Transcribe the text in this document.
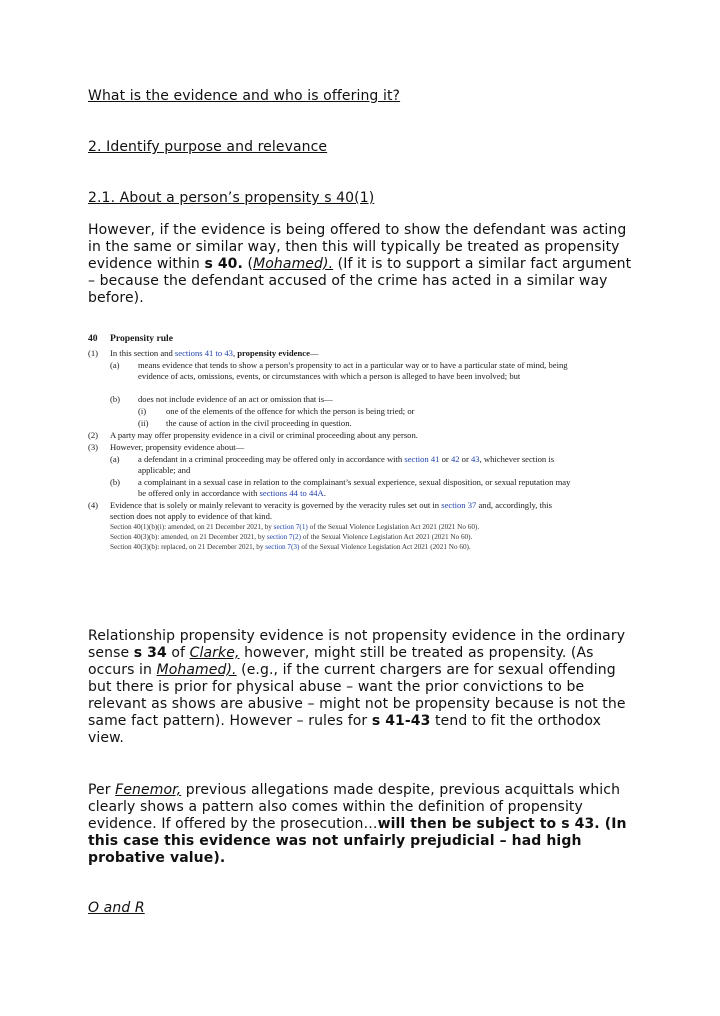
What is the evidence and who is offering it?
2. Identify purpose and relevance
2.1. About a person’s propensity s 40(1)
However, if the evidence is being offered to show the defendant was acting in the same or similar way, then this will typically be treated as propensity evidence within s 40. (Mohamed). (If it is to support a similar fact argument – because the defendant accused of the crime has acted in a similar way before).
40 Propensity rule
(1) In this section and sections 41 to 43, propensity evidence—
(a) means evidence that tends to show a person’s propensity to act in a particular way or to have a particular state of mind, being evidence of acts, omissions, events, or circumstances with which a person is alleged to have been involved; but
(b) does not include evidence of an act or omission that is—
(i) one of the elements of the offence for which the person is being tried; or
(ii) the cause of action in the civil proceeding in question.
(2) A party may offer propensity evidence in a civil or criminal proceeding about any person.
(3) However, propensity evidence about—
(a) a defendant in a criminal proceeding may be offered only in accordance with section 41 or 42 or 43, whichever section is applicable; and
(b) a complainant in a sexual case in relation to the complainant’s sexual experience, sexual disposition, or sexual reputation may be offered only in accordance with sections 44 to 44A.
(4) Evidence that is solely or mainly relevant to veracity is governed by the veracity rules set out in section 37 and, accordingly, this section does not apply to evidence of that kind.
Section 40(1)(b)(i): amended, on 21 December 2021, by section 7(1) of the Sexual Violence Legislation Act 2021 (2021 No 60).
Section 40(3)(b): amended, on 21 December 2021, by section 7(2) of the Sexual Violence Legislation Act 2021 (2021 No 60).
Section 40(3)(b): replaced, on 21 December 2021, by section 7(3) of the Sexual Violence Legislation Act 2021 (2021 No 60).
Relationship propensity evidence is not propensity evidence in the ordinary sense s 34 of Clarke, however, might still be treated as propensity. (As occurs in Mohamed). (e.g., if the current chargers are for sexual offending but there is prior for physical abuse – want the prior convictions to be relevant as shows are abusive – might not be propensity because is not the same fact pattern). However – rules for s 41-43 tend to fit the orthodox view.
Per Fenemor, previous allegations made despite, previous acquittals which clearly shows a pattern also comes within the definition of propensity evidence. If offered by the prosecution…will then be subject to s 43. (In this case this evidence was not unfairly prejudicial – had high probative value).
O and R
